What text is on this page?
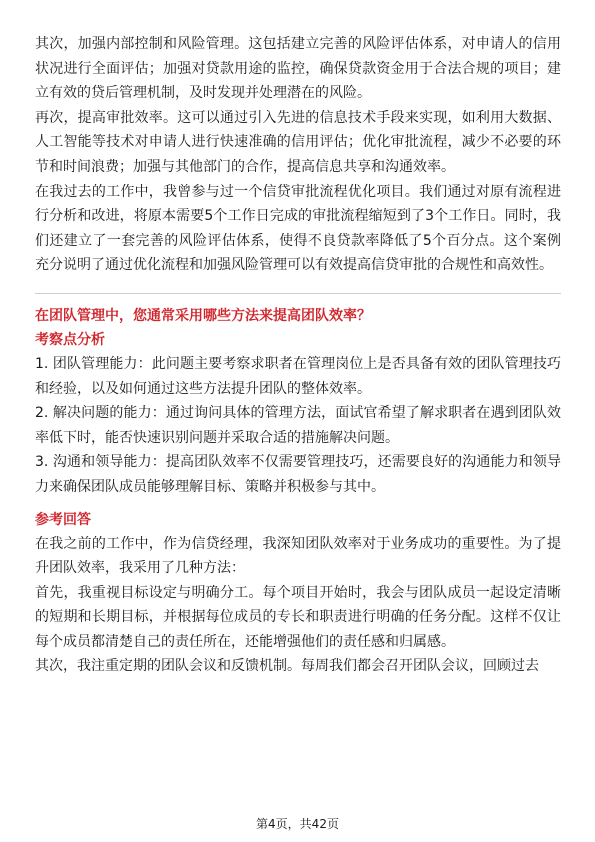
其次，加强内部控制和风险管理。这包括建立完善的风险评估体系，对申请人的信用状况进行全面评估；加强对贷款用途的监控，确保贷款资金用于合法合规的项目；建立有效的贷后管理机制，及时发现并处理潜在的风险。

再次，提高审批效率。这可以通过引入先进的信息技术手段来实现，如利用大数据、人工智能等技术对申请人进行快速准确的信用评估；优化审批流程，减少不必要的环节和时间浪费；加强与其他部门的合作，提高信息共享和沟通效率。

在我过去的工作中，我曾参与过一个信贷审批流程优化项目。我们通过对原有流程进行分析和改进，将原本需要5个工作日完成的审批流程缩短到了3个工作日。同时，我们还建立了一套完善的风险评估体系，使得不良贷款率降低了5个百分点。这个案例充分说明了通过优化流程和加强风险管理可以有效提高信贷审批的合规性和高效性。

在团队管理中，您通常采用哪些方法来提高团队效率？

考察点分析

1. 团队管理能力：此问题主要考察求职者在管理岗位上是否具备有效的团队管理技巧和经验，以及如何通过这些方法提升团队的整体效率。

2. 解决问题的能力：通过询问具体的管理方法，面试官希望了解求职者在遇到团队效率低下时，能否快速识别问题并采取合适的措施解决问题。

3. 沟通和领导能力：提高团队效率不仅需要管理技巧，还需要良好的沟通能力和领导力来确保团队成员能够理解目标、策略并积极参与其中。

参考回答

在我之前的工作中，作为信贷经理，我深知团队效率对于业务成功的重要性。为了提升团队效率，我采用了几种方法：

首先，我重视目标设定与明确分工。每个项目开始时，我会与团队成员一起设定清晰的短期和长期目标，并根据每位成员的专长和职责进行明确的任务分配。这样不仅让每个成员都清楚自己的责任所在，还能增强他们的责任感和归属感。

其次，我注重定期的团队会议和反馈机制。每周我们都会召开团队会议，回顾过去

第4页，共42页
